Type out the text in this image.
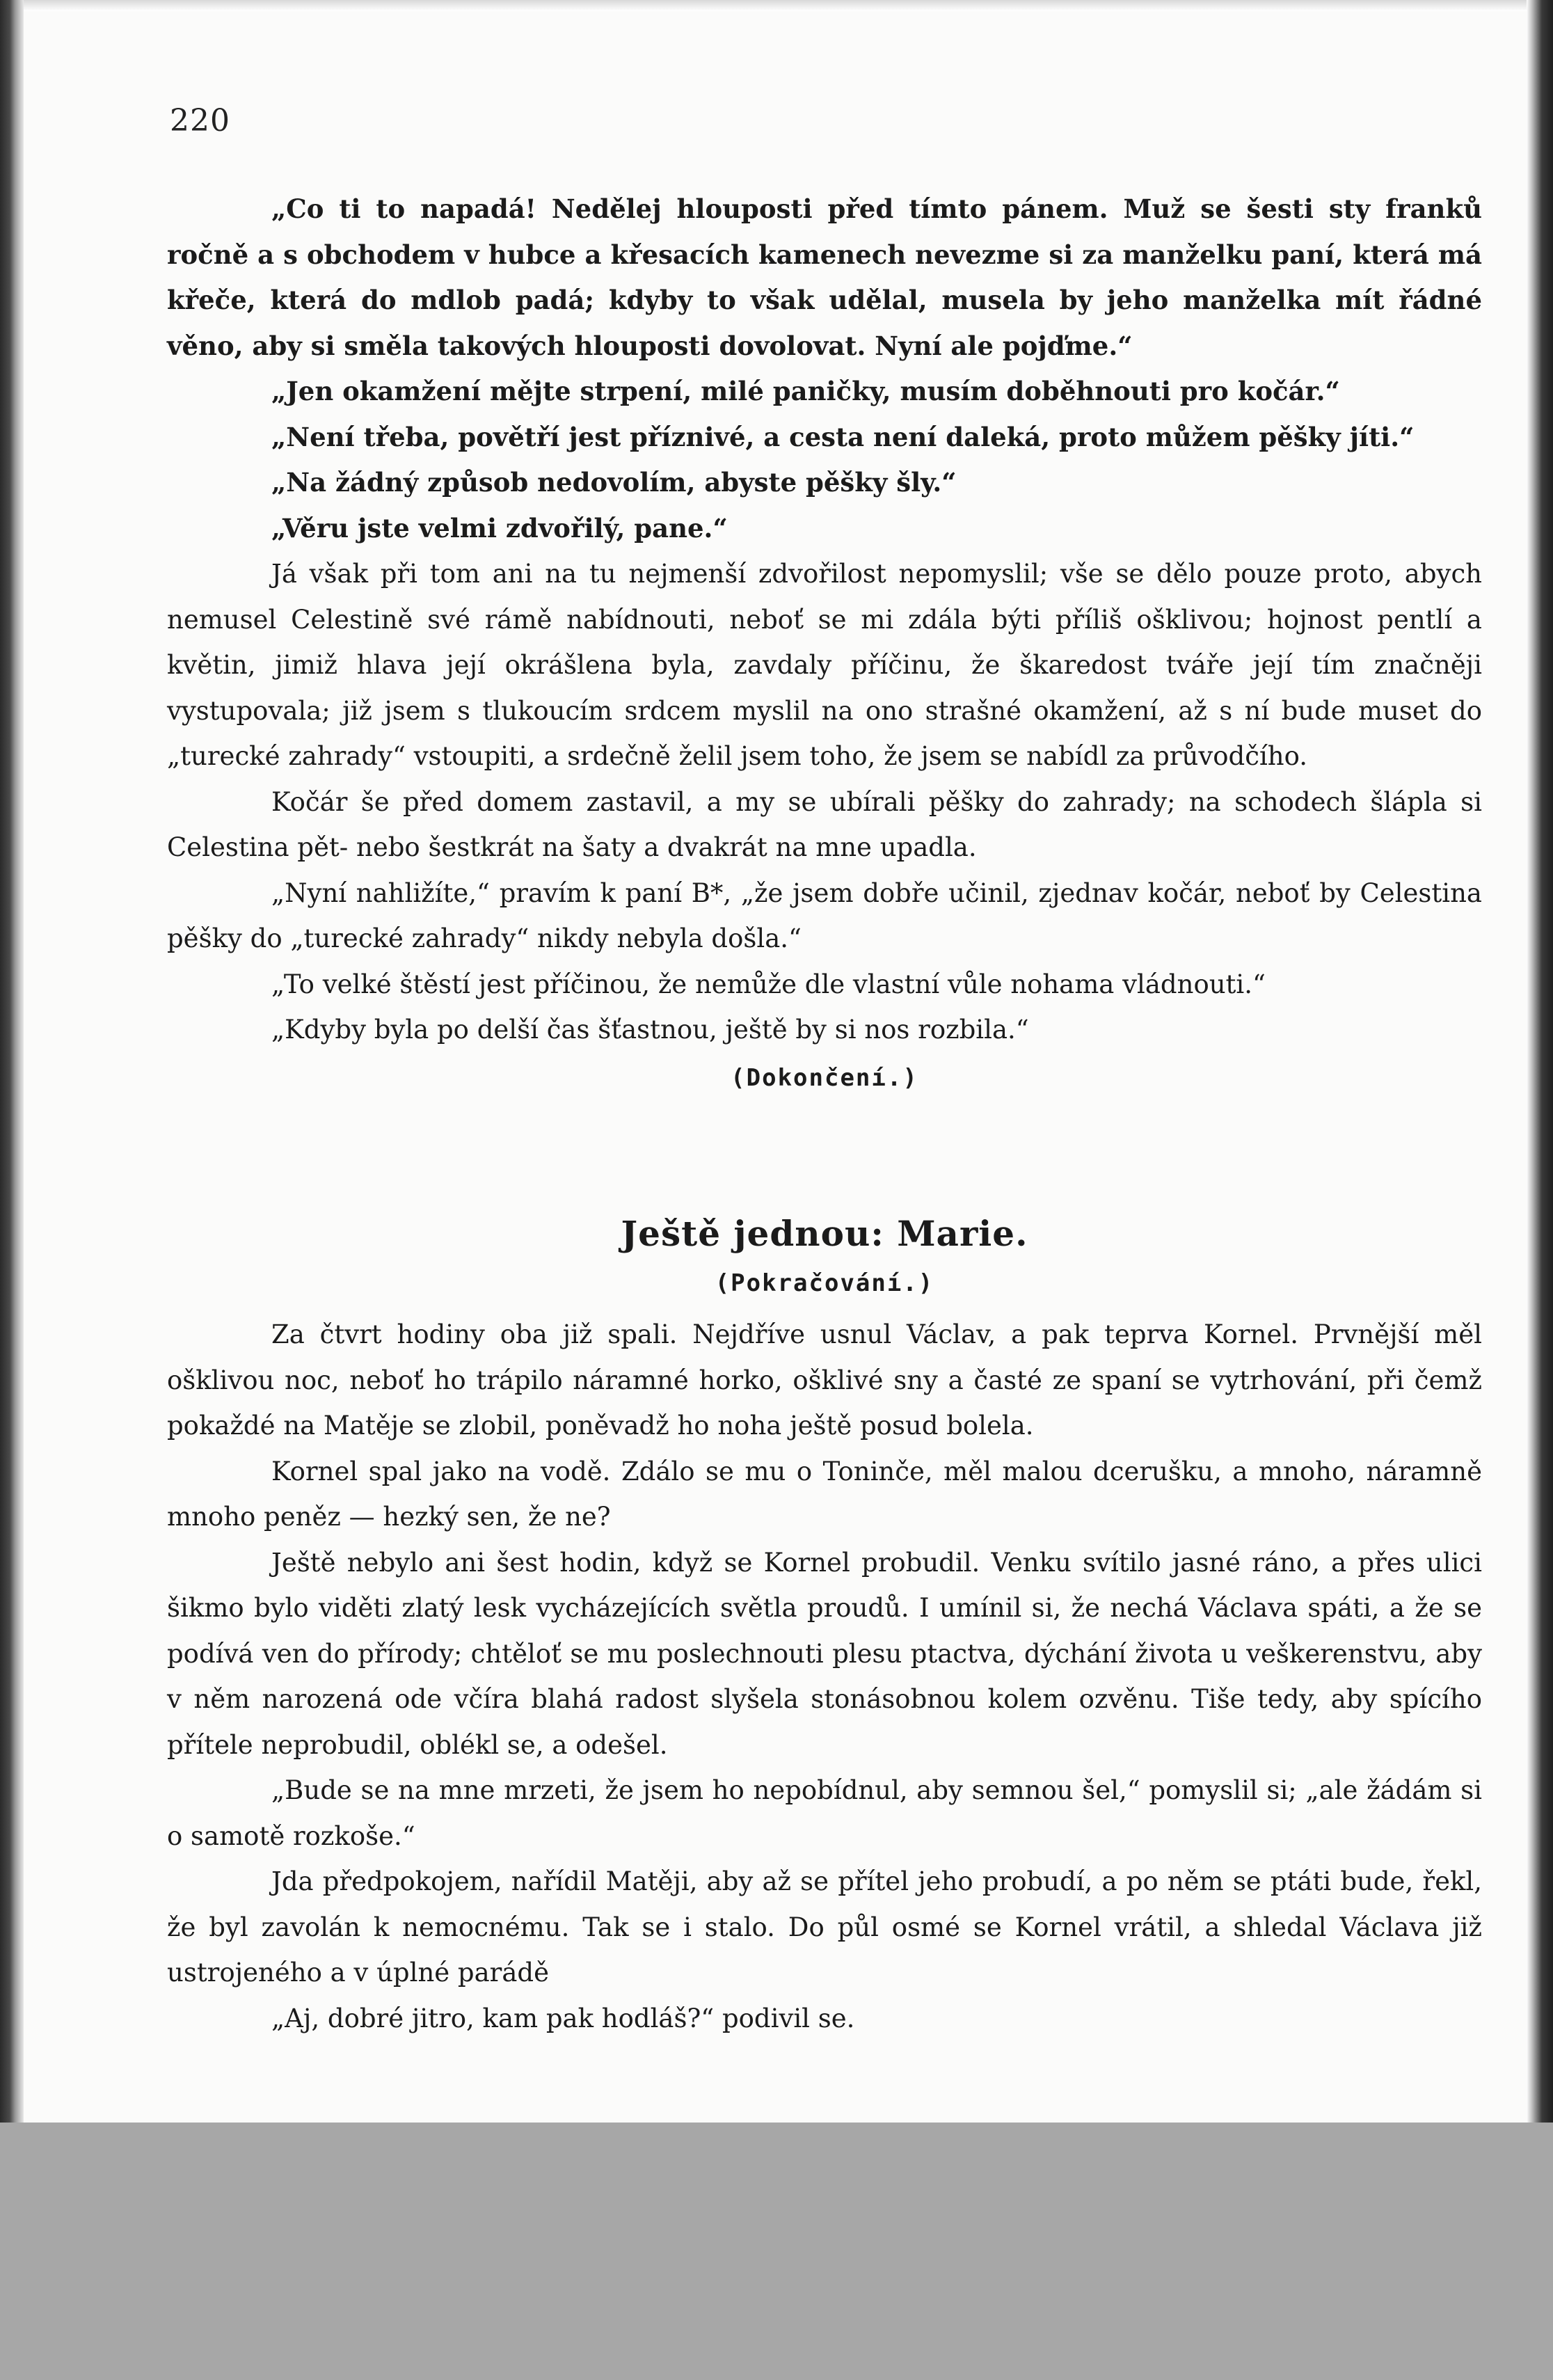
220

„Co ti to napadá! Nedělej hlouposti před tímto pánem. Muž se šesti sty franků ročně a s obchodem v hubce a křesacích kamenech nevezme si za manželku paní, která má křeče, která do mdlob padá; kdyby to však udělal, musela by jeho manželka mít řádné věno, aby si směla takových hlouposti dovolovat. Nyní ale pojďme.“

„Jen okamžení mějte strpení, milé paničky, musím doběhnouti pro kočár.“

„Není třeba, povětří jest příznivé, a cesta není daleká, proto můžem pěšky jíti.“

„Na žádný způsob nedovolím, abyste pěšky šly.“

„Věru jste velmi zdvořilý, pane.“

Já však při tom ani na tu nejmenší zdvořilost nepomyslil; vše se dělo pouze proto, abych nemusel Celestině své rámě nabídnouti, neboť se mi zdála býti příliš ošklivou; hojnost pentlí a květin, jimiž hlava její okrášlena byla, zavdaly příčinu, že škaredost tváře její tím značněji vystupovala; již jsem s tlukoucím srdcem myslil na ono strašné okamžení, až s ní bude muset do „turecké zahrady“ vstoupiti, a srdečně želil jsem toho, že jsem se nabídl za průvodčího.

Kočár še před domem zastavil, a my se ubírali pěšky do zahrady; na schodech šlápla si Celestina pět- nebo šestkrát na šaty a dvakrát na mne upadla.

„Nyní nahližíte,“ pravím k paní B*, „že jsem dobře učinil, zjednav kočár, neboť by Celestina pěšky do „turecké zahrady“ nikdy nebyla došla.“

„To velké štěstí jest příčinou, že nemůže dle vlastní vůle nohama vládnouti.“

„Kdyby byla po delší čas šťastnou, ještě by si nos rozbila.“

(Dokončení.)

Ještě jednou: Marie.

(Pokračování.)

Za čtvrt hodiny oba již spali. Nejdříve usnul Václav, a pak teprva Kornel. Prvnější měl ošklivou noc, neboť ho trápilo náramné horko, ošklivé sny a časté ze spaní se vytrhování, při čemž pokaždé na Matěje se zlobil, poněvadž ho noha ještě posud bolela.

Kornel spal jako na vodě. Zdálo se mu o Toninče, měl malou dcerušku, a mnoho, náramně mnoho peněz — hezký sen, že ne?

Ještě nebylo ani šest hodin, když se Kornel probudil. Venku svítilo jasné ráno, a přes ulici šikmo bylo viděti zlatý lesk vycházejících světla proudů. I umínil si, že nechá Václava spáti, a že se podívá ven do přírody; chtěloť se mu poslechnouti plesu ptactva, dýchání života u veškerenstvu, aby v něm narozená ode včíra blahá radost slyšela stonásobnou kolem ozvěnu. Tiše tedy, aby spícího přítele neprobudil, oblékl se, a odešel.

„Bude se na mne mrzeti, že jsem ho nepobídnul, aby semnou šel,“ pomyslil si; „ale žádám si o samotě rozkoše.“

Jda předpokojem, nařídil Matěji, aby až se přítel jeho probudí, a po něm se ptáti bude, řekl, že byl zavolán k nemocnému. Tak se i stalo. Do půl osmé se Kornel vrátil, a shledal Václava již ustrojeného a v úplné parádě

„Aj, dobré jitro, kam pak hodláš?“ podivil se.
